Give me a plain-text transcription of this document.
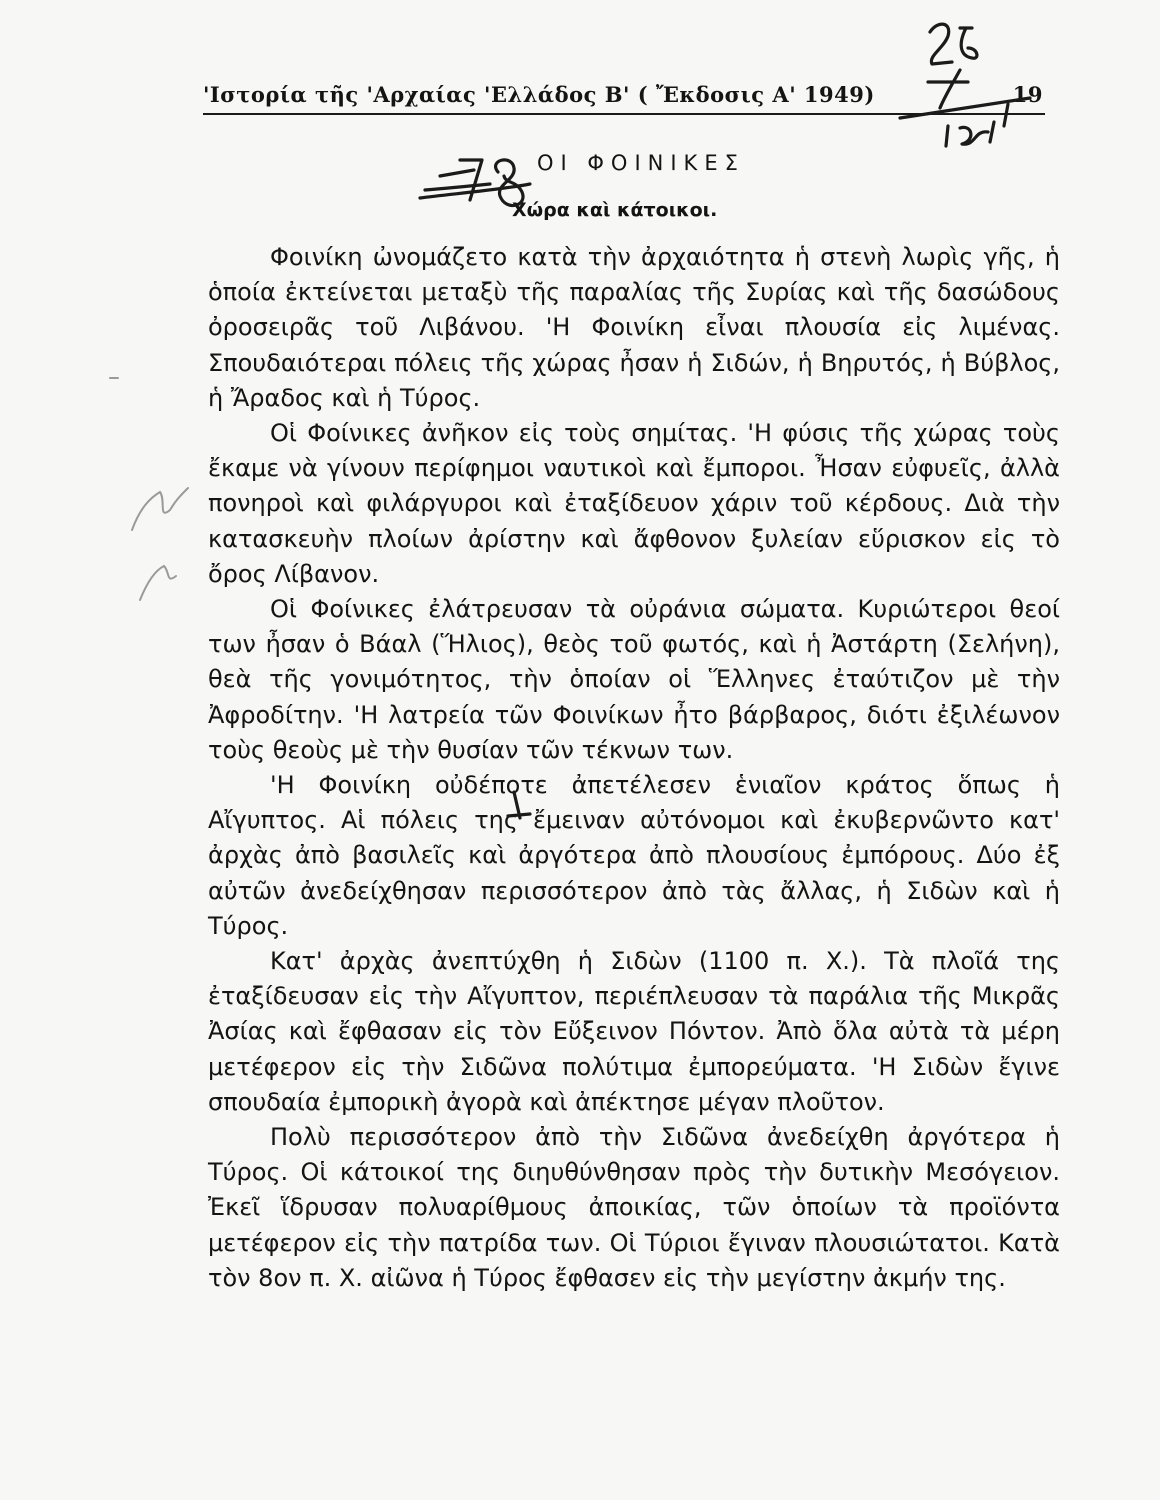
'Ιστορία τῆς 'Αρχαίας 'Ελλάδος Β' ( Ἔκδοσις Α' 1949)	19
ΟΙ ΦΟΙΝΙΚΕΣ
Χώρα καὶ κάτοικοι.

Φοινίκη ὠνομάζετο κατὰ τὴν ἀρχαιότητα ἡ στενὴ λωρὶς γῆς, ἡ ὁποία ἐκτείνεται μεταξὺ τῆς παραλίας τῆς Συρίας καὶ τῆς δασώδους ὀροσειρᾶς τοῦ Λιβάνου. 'Η Φοινίκη εἶναι πλουσία εἰς λιμένας. Σπουδαιότεραι πόλεις τῆς χώρας ἦσαν ἡ Σιδών, ἡ Βηρυτός, ἡ Βύβλος, ἡ Ἄραδος καὶ ἡ Τύρος.

Οἱ Φοίνικες ἀνῆκον εἰς τοὺς σημίτας. 'Η φύσις τῆς χώρας τοὺς ἔκαμε νὰ γίνουν περίφημοι ναυτικοὶ καὶ ἔμποροι. Ἦσαν εὐφυεῖς, ἀλλὰ πονηροὶ καὶ φιλάργυροι καὶ ἐταξίδευον χάριν τοῦ κέρδους. Διὰ τὴν κατασκευὴν πλοίων ἀρίστην καὶ ἄφθονον ξυλείαν εὕρισκον εἰς τὸ ὄρος Λίβανον.

Οἱ Φοίνικες ἐλάτρευσαν τὰ οὐράνια σώματα. Κυριώτεροι θεοί των ἦσαν ὁ Βάαλ (Ἥλιος), θεὸς τοῦ φωτός, καὶ ἡ Ἀστάρτη (Σελήνη), θεὰ τῆς γονιμότητος, τὴν ὁποίαν οἱ Ἕλληνες ἐταύτιζον μὲ τὴν Ἀφροδίτην. 'Η λατρεία τῶν Φοινίκων ἦτο βάρβαρος, διότι ἐξιλέωνον τοὺς θεοὺς μὲ τὴν θυσίαν τῶν τέκνων των.

'Η Φοινίκη οὐδέποτε ἀπετέλεσεν ἑνιαῖον κράτος ὅπως ἡ Αἴγυπτος. Αἱ πόλεις της ἔμειναν αὐτόνομοι καὶ ἐκυβερνῶντο κατ' ἀρχὰς ἀπὸ βασιλεῖς καὶ ἀργότερα ἀπὸ πλουσίους ἐμπόρους. Δύο ἐξ αὐτῶν ἀνεδείχθησαν περισσότερον ἀπὸ τὰς ἄλλας, ἡ Σιδὼν καὶ ἡ Τύρος.

Κατ' ἀρχὰς ἀνεπτύχθη ἡ Σιδὼν (1100 π. Χ.). Τὰ πλοῖά της ἐταξίδευσαν εἰς τὴν Αἴγυπτον, περιέπλευσαν τὰ παράλια τῆς Μικρᾶς Ἀσίας καὶ ἔφθασαν εἰς τὸν Εὔξεινον Πόντον. Ἀπὸ ὅλα αὐτὰ τὰ μέρη μετέφερον εἰς τὴν Σιδῶνα πολύτιμα ἐμπορεύματα. 'Η Σιδὼν ἔγινε σπουδαία ἐμπορικὴ ἀγορὰ καὶ ἀπέκτησε μέγαν πλοῦτον.

Πολὺ περισσότερον ἀπὸ τὴν Σιδῶνα ἀνεδείχθη ἀργότερα ἡ Τύρος. Οἱ κάτοικοί της διηυθύνθησαν πρὸς τὴν δυτικὴν Μεσόγειον. Ἐκεῖ ἵδρυσαν πολυαρίθμους ἀποικίας, τῶν ὁποίων τὰ προϊόντα μετέφερον εἰς τὴν πατρίδα των. Οἱ Τύριοι ἔγιναν πλουσιώτατοι. Κατὰ τὸν 8ον π. Χ. αἰῶνα ἡ Τύρος ἔφθασεν εἰς τὴν μεγίστην ἀκμήν της.
